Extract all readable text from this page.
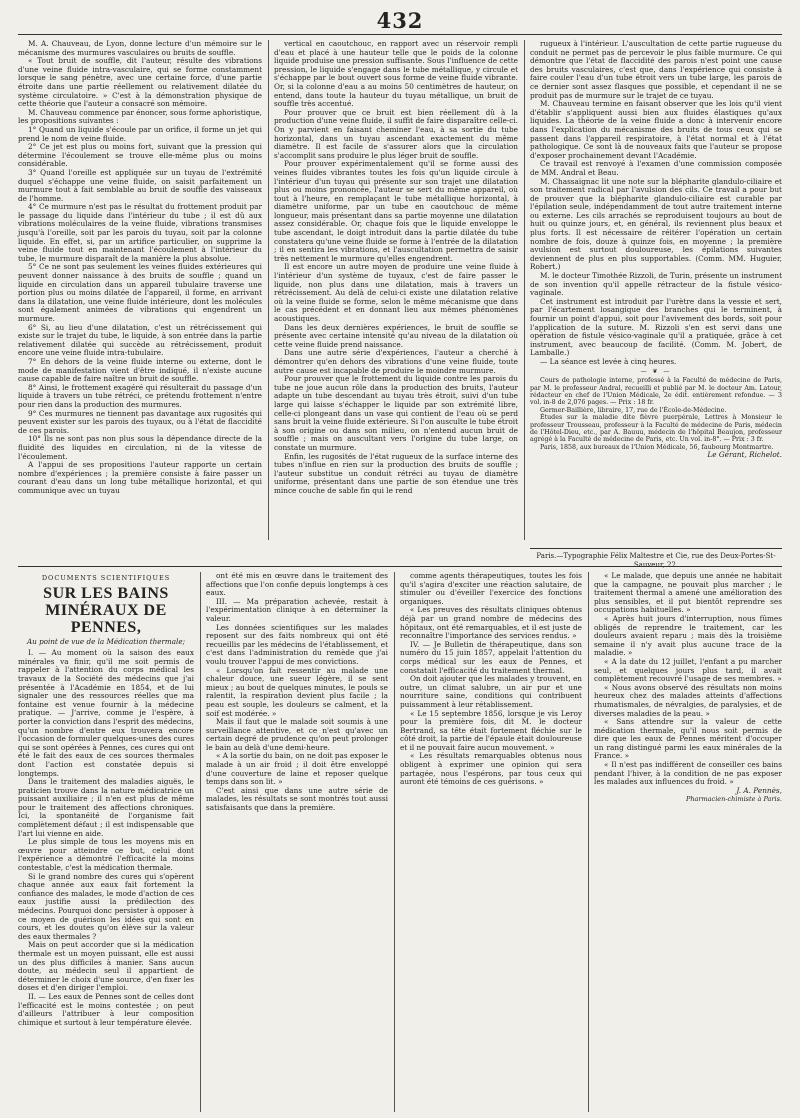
432

M. A. Chauveau, de Lyon, donne lecture d'un mémoire sur le mécanisme des murmures vasculaires ou bruits de souffle.

« Tout bruit de souffle, dit l'auteur, résulte des vibrations d'une veine fluide intra-vasculaire, qui se forme constamment lorsque le sang pénètre, avec une certaine force, d'une partie étroite dans une partie réellement ou relativement dilatée du système circulatoire. » C'est à la démonstration physique de cette théorie que l'auteur a consacré son mémoire.

M. Chauveau commence par énoncer, sous forme aphoristique, les propositions suivantes :

1° Quand un liquide s'écoule par un orifice, il forme un jet qui prend le nom de veine fluide.

2° Ce jet est plus ou moins fort, suivant que la pression qui détermine l'écoulement se trouve elle-même plus ou moins considérable.

3° Quand l'oreille est appliquée sur un tuyau de l'extrémité duquel s'échappe une veine fluide, on saisit parfaitement un murmure tout à fait semblable au bruit de souffle des vaisseaux de l'homme.

4° Ce murmure n'est pas le résultat du frottement produit par le passage du liquide dans l'intérieur du tube ; il est dû aux vibrations moléculaires de la veine fluide, vibrations transmises jusqu'à l'oreille, soit par les parois du tuyau, soit par la colonne liquide. En effet, si, par un artifice particulier, on supprime la veine fluide tout en maintenant l'écoulement à l'intérieur du tube, le murmure disparaît de la manière la plus absolue.

5° Ce ne sont pas seulement les veines fluides extérieures qui peuvent donner naissance à des bruits de souffle ; quand un liquide en circulation dans un appareil tubulaire traverse une portion plus ou moins dilatée de l'appareil, il forme, en arrivant dans la dilatation, une veine fluide intérieure, dont les molécules sont également animées de vibrations qui engendrent un murmure.

6° Si, au lieu d'une dilatation, c'est un rétrécissement qui existe sur le trajet du tube, le liquide, à son entrée dans la partie relativement dilatée qui succède au rétrécissement, produit encore une veine fluide intra-tubulaire.

7° En dehors de la veine fluide interne ou externe, dont le mode de manifestation vient d'être indiqué, il n'existe aucune cause capable de faire naître un bruit de souffle.

8° Ainsi, le frottement exagéré qui résulterait du passage d'un liquide à travers un tube rétréci, ce prétendu frottement n'entre pour rien dans la production des murmures.

9° Ces murmures ne tiennent pas davantage aux rugosités qui peuvent exister sur les parois des tuyaux, ou à l'état de flaccidité de ces parois.

10° Ils ne sont pas non plus sous la dépendance directe de la fluidité des liquides en circulation, ni de la vitesse de l'écoulement.

A l'appui de ses propositions l'auteur rapporte un certain nombre d'expériences ; la première consiste à faire passer un courant d'eau dans un long tube métallique horizontal, et qui communique avec un tuyau

vertical en caoutchouc, en rapport avec un réservoir rempli d'eau et placé à une hauteur telle que le poids de la colonne liquide produise une pression suffisante. Sous l'influence de cette pression, le liquide s'engage dans le tube métallique, y circule et s'échappe par le bout ouvert sous forme de veine fluide vibrante. Or, si la colonne d'eau a au moins 50 centimètres de hauteur, on entend, dans toute la hauteur du tuyau métallique, un bruit de souffle très accentué.

Pour prouver que ce bruit est bien réellement dû à la production d'une veine fluide, il suffit de faire disparaître celle-ci. On y parvient en faisant cheminer l'eau, à sa sortie du tube horizontal, dans un tuyau ascendant exactement du même diamètre. Il est facile de s'assurer alors que la circulation s'accomplit sans produire le plus léger bruit de souffle.

Pour prouver expérimentalement qu'il se forme aussi des veines fluides vibrantes toutes les fois qu'un liquide circule à l'intérieur d'un tuyau qui présente sur son trajet une dilatation plus ou moins prononcée, l'auteur se sert du même appareil, où tout à l'heure, en remplaçant le tube métallique horizontal, à diamètre uniforme, par un tube en caoutchouc de même longueur, mais présentant dans sa partie moyenne une dilatation assez considérable. Or, chaque fois que le liquide enveloppe le tube ascendant, le doigt introduit dans la partie dilatée du tube constatera qu'une veine fluide se forme à l'entrée de la dilatation ; il en sentira les vibrations, et l'auscultation permettra de saisir très nettement le murmure qu'elles engendrent.

Il est encore un autre moyen de produire une veine fluide à l'intérieur d'un système de tuyaux, c'est de faire passer le liquide, non plus dans une dilatation, mais à travers un rétrécissement. Au delà de celui-ci existe une dilatation relative où la veine fluide se forme, selon le même mécanisme que dans le cas précédent et en donnant lieu aux mêmes phénomènes acoustiques.

Dans les deux dernières expériences, le bruit de souffle se présente avec certaine intensité qu'au niveau de la dilatation où cette veine fluide prend naissance.

Dans une autre série d'expériences, l'auteur a cherché à démontrer qu'en dehors des vibrations d'une veine fluide, toute autre cause est incapable de produire le moindre murmure.

Pour prouver que le frottement du liquide contre les parois du tube ne joue aucun rôle dans la production des bruits, l'auteur adapte un tube descendant au tuyau très étroit, suivi d'un tube large qui laisse s'échapper le liquide par son extrémité libre, celle-ci plongeant dans un vase qui contient de l'eau où se perd sans bruit la veine fluide extérieure. Si l'on ausculte le tube étroit à son origine ou dans son milieu, on n'entend aucun bruit de souffle ; mais on auscultant vers l'origine du tube large, on constate un murmure.

Enfin, les rugosités de l'état rugueux de la surface interne des tubes n'influe en rien sur la production des bruits de souffle ; l'auteur substitue un conduit rétréci au tuyau de diamètre uniforme, présentant dans une partie de son étendue une très mince couche de sable fin qui le rend

rugueux à l'intérieur. L'auscultation de cette partie rugueuse du conduit ne permet pas de percevoir le plus faible murmure. Ce qui démontre que l'état de flaccidité des parois n'est point une cause des bruits vasculaires, c'est que, dans l'expérience qui consiste à faire couler l'eau d'un tube étroit vers un tube large, les parois de ce dernier sont assez flasques que possible, et cependant il ne se produit pas de murmure sur le trajet de ce tuyau.

M. Chauveau termine en faisant observer que les lois qu'il vient d'établir s'appliquent aussi bien aux fluides élastiques qu'aux liquides. La théorie de la veine fluide a donc à intervenir encore dans l'explication du mécanisme des bruits de tous ceux qui se passent dans l'appareil respiratoire, à l'état normal et à l'état pathologique. Ce sont là de nouveaux faits que l'auteur se propose d'exposer prochainement devant l'Académie.

Ce travail est renvoyé à l'examen d'une commission composée de MM. Andral et Beau.

M. Chassaignac lit une note sur la blépharite glandulo-ciliaire et son traitement radical par l'avulsion des cils. Ce travail a pour but de prouver que la blépharite glandulo-ciliaire est curable par l'épilation seule, indépendamment de tout autre traitement interne ou externe. Les cils arrachés se reproduisent toujours au bout de huit ou quinze jours, et, en général, ils reviennent plus beaux et plus forts. Il est nécessaire de réitérer l'opération un certain nombre de fois, douze à quinze fois, en moyenne ; la première avulsion est surtout douloureuse, les épilations suivantes deviennent de plus en plus supportables. (Comm. MM. Huguier, Robert.)

M. le docteur Timothée Rizzoli, de Turin, présente un instrument de son invention qu'il appelle rétracteur de la fistule vésico-vaginale.

Cet instrument est introduit par l'urètre dans la vessie et sert, par l'écartement losangique des branches qui le terminent, à fournir un point d'appui, soit pour l'avivement des bords, soit pour l'application de la suture. M. Rizzoli s'en est servi dans une opération de fistule vésico-vaginale qu'il a pratiquée, grâce à cet instrument, avec beaucoup de facilité. (Comm. M. Jobert, de Lamballe.)

— La séance est levée à cinq heures.

— ❦ —

Cours de pathologie interne, professé à la Faculté de médecine de Paris, par M. le professeur Andral, recueilli et publié par M. le docteur Am. Latour, rédacteur en chef de l'Union Médicale, 2e édit. entièrement refondue. — 3 vol. in-8 de 2,076 pages. — Prix : 18 fr.

Germer-Baillière, libraire, 17, rue de l'École-de-Médecine.

Études sur la maladie dite fièvre puerpérale, Lettres à Monsieur le professeur Trousseau, professeur à la Faculté de médecine de Paris, médecin de l'Hôtel-Dieu, etc., par A. Bauuu, médecin de l'hôpital Beaujon, professeur agrégé à la Faculté de médecine de Paris, etc. Un vol. in-8°. — Prix : 3 fr.

Paris, 1858, aux bureaux de l'Union Médicale, 56, faubourg Montmartre.

Le Gérant, Richelot.

Paris.—Typographie Félix Maltestre et Cie, rue des Deux-Portes-St-Sauveur, 22.
DOCUMENTS SCIENTIFIQUES
SUR LES BAINS MINÉRAUX DE PENNES,
Au point de vue de la Médication thermale;

I. — Au moment où la saison des eaux minérales va finir, qu'il me soit permis de rappeler à l'attention du corps médical les travaux de la Société des médecins que j'ai présentée à l'Académie en 1854, et de lui signaler une des ressources réelles que ma fontaine est venue fournir à la médecine pratique. — J'arrive, comme je l'espère, à porter la conviction dans l'esprit des médecins, qu'un nombre d'entre eux trouvera encore l'occasion de formuler quelques-unes des cures qui se sont opérées à Pennes, ces cures qui ont été le fait des eaux de ces sources thermales dont l'action est constatée depuis si longtemps.

Dans le traitement des maladies aiguës, le praticien trouve dans la nature médicatrice un puissant auxiliaire ; il n'en est plus de même pour le traitement des affections chroniques. Ici, la spontanéité de l'organisme fait complètement défaut ; il est indispensable que l'art lui vienne en aide.

Le plus simple de tous les moyens mis en œuvre pour atteindre ce but, celui dont l'expérience a démontré l'efficacité la moins contestable, c'est la médication thermale.

Si le grand nombre des cures qui s'opèrent chaque année aux eaux fait fortement la confiance des malades, le mode d'action de ces eaux justifie aussi la prédilection des médecins. Pourquoi donc persister à opposer à ce moyen de guérison les idées qui sont en cours, et les doutes qu'on élève sur la valeur des eaux thermales ?

Mais on peut accorder que si la médication thermale est un moyen puissant, elle est aussi un des plus difficiles à manier. Sans aucun doute, au médecin seul il appartient de déterminer le choix d'une source, d'en fixer les doses et d'en diriger l'emploi.

II. — Les eaux de Pennes sont de celles dont l'efficacité est le moins contestée ; on peut d'ailleurs l'attribuer à leur composition chimique et surtout à leur température élevée.

ont été mis en œuvre dans le traitement des affections que l'on confie depuis longtemps à ces eaux.

III. — Ma préparation achevée, restait à l'expérimentation clinique à en déterminer la valeur.

Les données scientifiques sur les malades reposent sur des faits nombreux qui ont été recueillis par les médecins de l'établissement, et c'est dans l'administration du remède que j'ai voulu trouver l'appui de mes convictions.

« Lorsqu'on fait ressentir au malade une chaleur douce, une sueur légère, il se sent mieux ; au bout de quelques minutes, le pouls se ralentit, la respiration devient plus facile ; la peau est souple, les douleurs se calment, et la soif est modérée. »

Mais il faut que le malade soit soumis à une surveillance attentive, et ce n'est qu'avec un certain degré de prudence qu'on peut prolonger le bain au delà d'une demi-heure.

« A la sortie du bain, on ne doit pas exposer le malade à un air froid ; il doit être enveloppé d'une couverture de laine et reposer quelque temps dans son lit. »

C'est ainsi que dans une autre série de malades, les résultats se sont montrés tout aussi satisfaisants que dans la première.

comme agents thérapeutiques, toutes les fois qu'il s'agira d'exciter une réaction salutaire, de stimuler ou d'éveiller l'exercice des fonctions organiques.

« Les preuves des résultats cliniques obtenus déjà par un grand nombre de médecins des hôpitaux, ont été remarquables, et il est juste de reconnaître l'importance des services rendus. »

IV. — Je Bulletin de thérapeutique, dans son numéro du 15 juin 1857, appelait l'attention du corps médical sur les eaux de Pennes, et constatait l'efficacité du traitement thermal.

On doit ajouter que les malades y trouvent, en outre, un climat salubre, un air pur et une nourriture saine, conditions qui contribuent puissamment à leur rétablissement.

« Le 15 septembre 1856, lorsque je vis Leroy pour la première fois, dit M. le docteur Bertrand, sa tête était fortement fléchie sur le côté droit, la partie de l'épaule était douloureuse et il ne pouvait faire aucun mouvement. »

« Les résultats remarquables obtenus nous obligent à exprimer une opinion qui sera partagée, nous l'espérons, par tous ceux qui auront été témoins de ces guérisons. »

« Le malade, que depuis une année ne habitait que la campagne, ne pouvait plus marcher ; le traitement thermal a amené une amélioration des plus sensibles, et il put bientôt reprendre ses occupations habituelles. »

« Après huit jours d'interruption, nous fûmes obligés de reprendre le traitement, car les douleurs avaient reparu ; mais dès la troisième semaine il n'y avait plus aucune trace de la maladie. »

« A la date du 12 juillet, l'enfant a pu marcher seul, et quelques jours plus tard, il avait complètement recouvré l'usage de ses membres. »

« Nous avons observé des résultats non moins heureux chez des malades atteints d'affections rhumatismales, de névralgies, de paralysies, et de diverses maladies de la peau. »

« Sans attendre sur la valeur de cette médication thermale, qu'il nous soit permis de dire que les eaux de Pennes méritent d'occuper un rang distingué parmi les eaux minérales de la France. »

« Il n'est pas indifférent de conseiller ces bains pendant l'hiver, à la condition de ne pas exposer les malades aux influences du froid. »

J. A. Pennès,

Pharmacien-chimiste à Paris.
